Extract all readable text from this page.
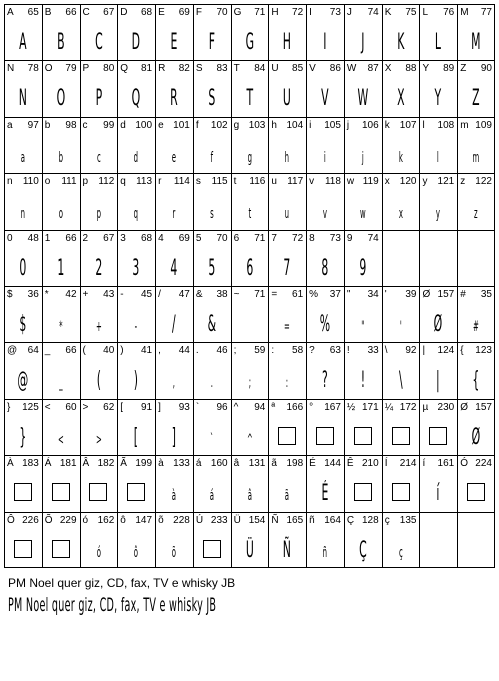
A 65
A
B 66
B
C 67
C
D 68
D
E 69
E
F 70
F
G 71
G
H 72
H
I 73
I
J 74
J
K 75
K
L 76
L
M 77
M
N 78
N
O 79
O
P 80
P
Q 81
Q
R 82
R
S 83
S
T 84
T
U 85
U
V 86
V
W 87
W
X 88
X
Y 89
Y
Z 90
Z
a 97
a
b 98
b
c 99
c
d 100
d
e 101
e
f 102
f
g 103
g
h 104
h
i 105
i
j 106
j
k 107
k
l 108
l
m 109
m
n 110
n
o 111
o
p 112
p
q 113
q
r 114
r
s 115
s
t 116
t
u 117
u
v 118
v
w 119
w
x 120
x
y 121
y
z 122
z
0 48
0
1 66
1
2 67
2
3 68
3
4 69
4
5 70
5
6 71
6
7 72
7
8 73
8
9 74
9
$ 36
$
* 42
*
+ 43
+
- 45
-
/ 47
/
& 38
&
~ 71 = 61
=
% 37
%
" 34
"
' 39
'
Ø 157
Ø
# 35
#
@ 64
@
_ 66
_
( 40
(
) 41
)
, 44
,
. 46
.
; 59
;
: 58
:
? 63
?
! 33
!
\ 92
\
| 124
|
{ 123
{
} 125
}
< 60
<
> 62
>
[ 91
[
] 93
]
` 96
`
^ 94
^
ª 166 ° 167 ½ 171 ¼ 172 µ 230 Ø 157
Ø
À 183 Á 181 Â 182 Ã 199 à 133
à
á 160
á
â 131
â
ã 198
ã
É 144
É
Ê 210 Í 214 í 161
í
Ó 224
Ô 226 Õ 229 ó 162
ó
ô 147
ô
õ 228
õ
Ú 233 Ü 154
Ü
Ñ 165
Ñ
ñ 164
ñ
Ç 128
Ç
ç 135
ç
PM Noel quer giz, CD, fax, TV e whisky JB
PM Noel quer giz, CD, fax, TV e whisky JB
